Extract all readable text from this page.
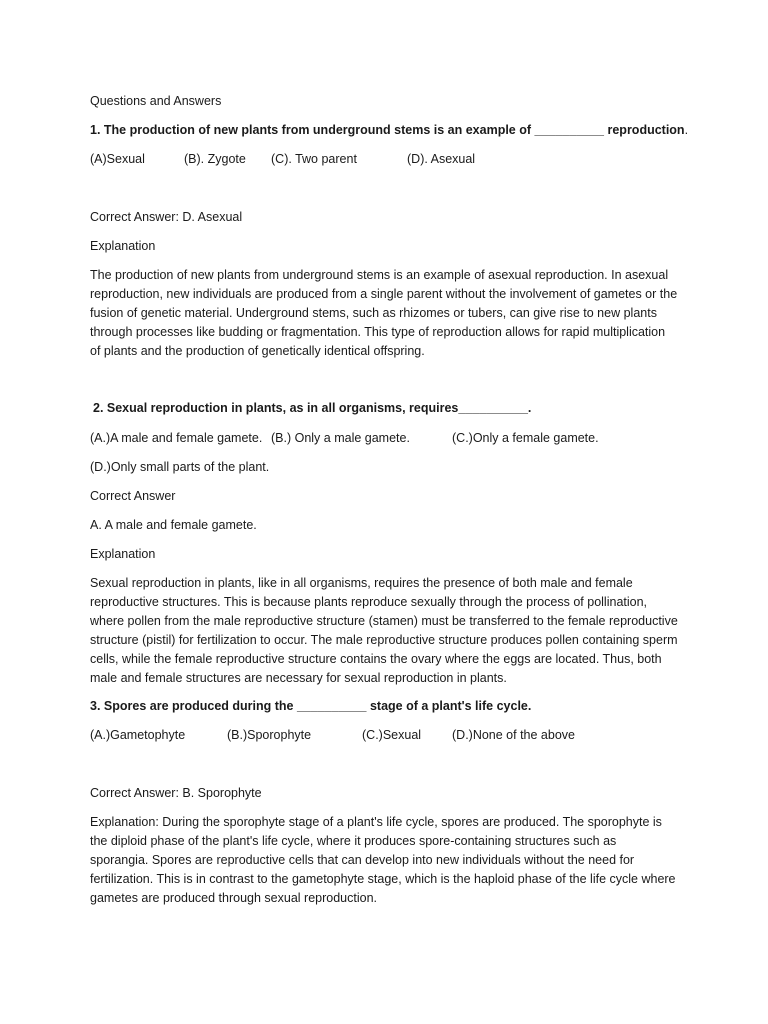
Questions and Answers
1. The production of new plants from underground stems is an example of __________ reproduction.
(A)Sexual	(B). Zygote (C). Two parent	(D). Asexual
Correct Answer: D. Asexual
Explanation
The production of new plants from underground stems is an example of asexual reproduction. In asexual reproduction, new individuals are produced from a single parent without the involvement of gametes or the fusion of genetic material. Underground stems, such as rhizomes or tubers, can give rise to new plants through processes like budding or fragmentation. This type of reproduction allows for rapid multiplication of plants and the production of genetically identical offspring.
2. Sexual reproduction in plants, as in all organisms, requires__________.
(A.)A male and female gamete. (B.) Only a male gamete.	(C.)Only a female gamete.
(D.)Only small parts of the plant.
Correct Answer
A. A male and female gamete.
Explanation
Sexual reproduction in plants, like in all organisms, requires the presence of both male and female reproductive structures. This is because plants reproduce sexually through the process of pollination, where pollen from the male reproductive structure (stamen) must be transferred to the female reproductive structure (pistil) for fertilization to occur. The male reproductive structure produces pollen containing sperm cells, while the female reproductive structure contains the ovary where the eggs are located. Thus, both male and female structures are necessary for sexual reproduction in plants.
3. Spores are produced during the __________ stage of a plant's life cycle.
(A.)Gametophyte	(B.)Sporophyte	(C.)Sexual (D.)None of the above
Correct Answer: B. Sporophyte
Explanation: During the sporophyte stage of a plant's life cycle, spores are produced. The sporophyte is the diploid phase of the plant's life cycle, where it produces spore-containing structures such as sporangia. Spores are reproductive cells that can develop into new individuals without the need for fertilization. This is in contrast to the gametophyte stage, which is the haploid phase of the life cycle where gametes are produced through sexual reproduction.
